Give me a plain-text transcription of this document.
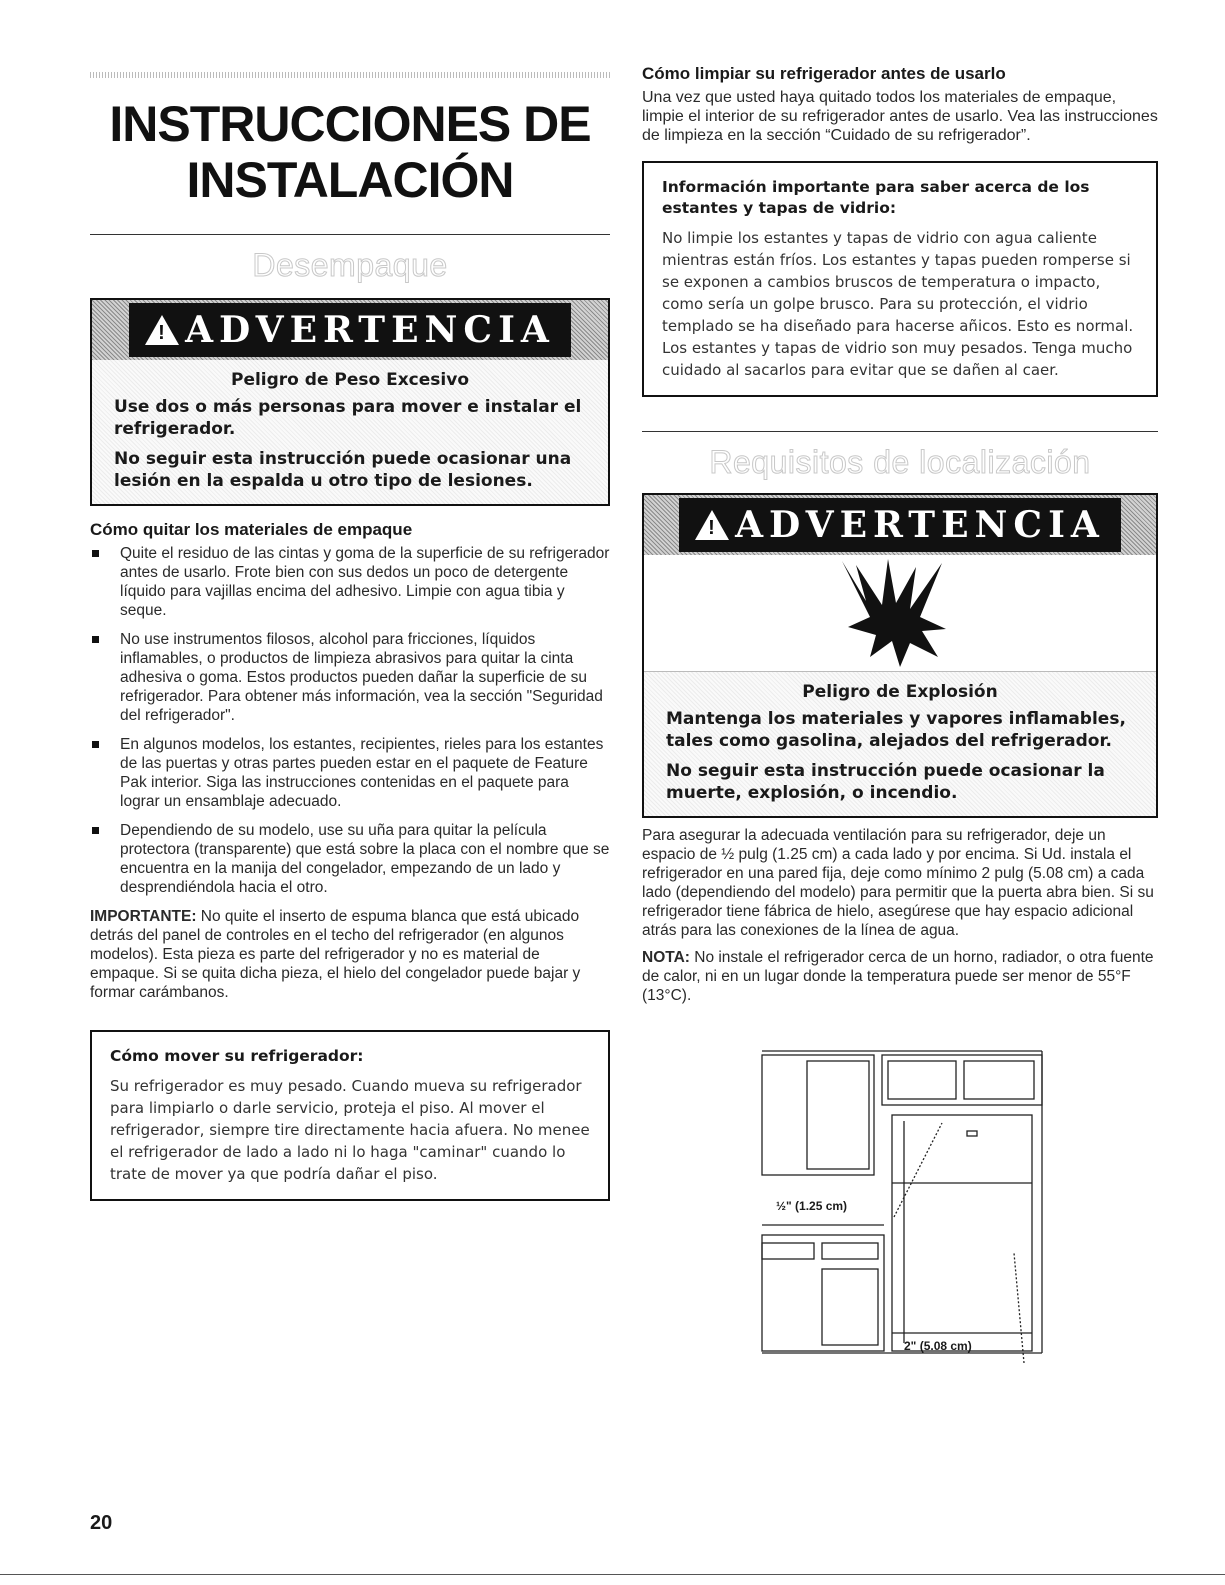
INSTRUCCIONES DE
INSTALACIÓN
Desempaque
!
ADVERTENCIA

Peligro de Peso Excesivo

Use dos o más personas para mover e instalar el refrigerador.

No seguir esta instrucción puede ocasionar una lesión en la espalda u otro tipo de lesiones.

Cómo quitar los materiales de empaque
Quite el residuo de las cintas y goma de la superficie de su refrigerador antes de usarlo. Frote bien con sus dedos un poco de detergente líquido para vajillas encima del adhesivo. Limpie con agua tibia y seque.
No use instrumentos filosos, alcohol para fricciones, líquidos inflamables, o productos de limpieza abrasivos para quitar la cinta adhesiva o goma. Estos productos pueden dañar la superficie de su refrigerador. Para obtener más información, vea la sección "Seguridad del refrigerador".
En algunos modelos, los estantes, recipientes, rieles para los estantes de las puertas y otras partes pueden estar en el paquete de Feature Pak interior. Siga las instrucciones contenidas en el paquete para lograr un ensamblaje adecuado.
Dependiendo de su modelo, use su uña para quitar la película protectora (transparente) que está sobre la placa con el nombre que se encuentra en la manija del congelador, empezando de un lado y desprendiéndola hacia el otro.

IMPORTANTE: No quite el inserto de espuma blanca que está ubicado detrás del panel de controles en el techo del refrigerador (en algunos modelos). Esta pieza es parte del refrigerador y no es material de empaque. Si se quita dicha pieza, el hielo del congelador puede bajar y formar carámbanos.

Cómo mover su refrigerador:

Su refrigerador es muy pesado. Cuando mueva su refrigerador para limpiarlo o darle servicio, proteja el piso. Al mover el refrigerador, siempre tire directamente hacia afuera. No menee el refrigerador de lado a lado ni lo haga "caminar" cuando lo trate de mover ya que podría dañar el piso.

Cómo limpiar su refrigerador antes de usarlo

Una vez que usted haya quitado todos los materiales de empaque, limpie el interior de su refrigerador antes de usarlo. Vea las instrucciones de limpieza en la sección “Cuidado de su refrigerador”.

Información importante para saber acerca de los estantes y tapas de vidrio:

No limpie los estantes y tapas de vidrio con agua caliente mientras están fríos. Los estantes y tapas pueden romperse si se exponen a cambios bruscos de temperatura o impacto, como sería un golpe brusco. Para su protección, el vidrio templado se ha diseñado para hacerse añicos. Esto es normal. Los estantes y tapas de vidrio son muy pesados. Tenga mucho cuidado al sacarlos para evitar que se dañen al caer.

Requisitos de localización
!
ADVERTENCIA

Peligro de Explosión

Mantenga los materiales y vapores inflamables, tales como gasolina, alejados del refrigerador.

No seguir esta instrucción puede ocasionar la muerte, explosión, o incendio.

Para asegurar la adecuada ventilación para su refrigerador, deje un espacio de ½ pulg (1.25 cm) a cada lado y por encima. Si Ud. instala el refrigerador en una pared fija, deje como mínimo 2 pulg (5.08 cm) a cada lado (dependiendo del modelo) para permitir que la puerta abra bien. Si su refrigerador tiene fábrica de hielo, asegúrese que hay espacio adicional atrás para las conexiones de la línea de agua.

NOTA: No instale el refrigerador cerca de un horno, radiador, o otra fuente de calor, ni en un lugar donde la temperatura puede ser menor de 55°F (13°C).

½" (1.25 cm)
2" (5.08 cm)
20
